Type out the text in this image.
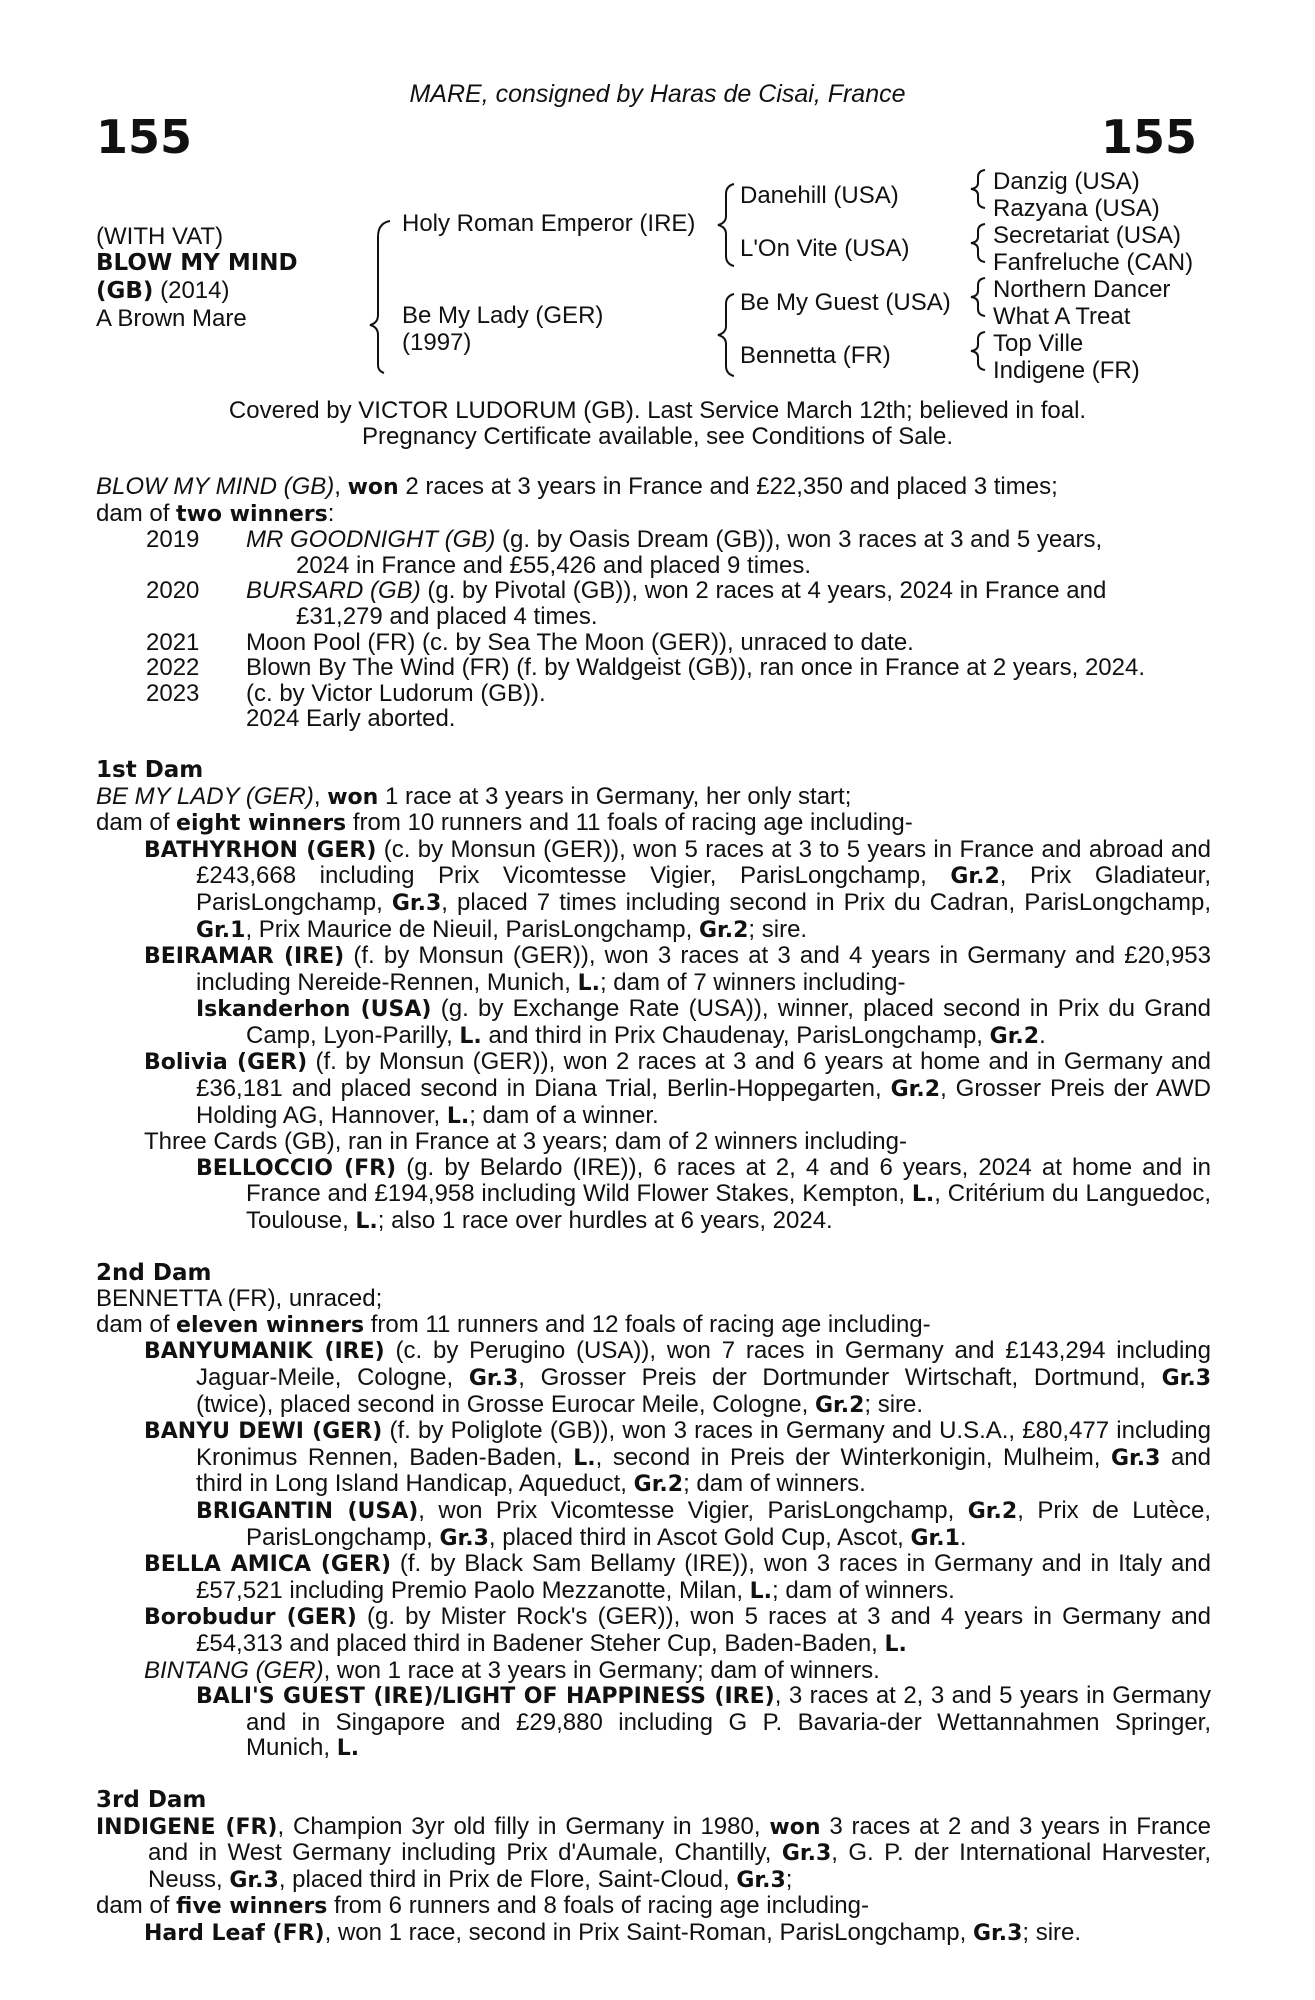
155	155
MARE, consigned by Haras de Cisai, France
(WITH VAT)
BLOW MY MIND
(GB) (2014)
A Brown Mare
Holy Roman Emperor (IRE)
Be My Lady (GER)
(1997)
Danehill (USA)
L'On Vite (USA)
Be My Guest (USA)
Bennetta (FR)
Danzig (USA)
Razyana (USA)
Secretariat (USA)
Fanfreluche (CAN)
Northern Dancer
What A Treat
Top Ville
Indigene (FR)
Covered by VICTOR LUDORUM (GB). Last Service March 12th; believed in foal.
Pregnancy Certificate available, see Conditions of Sale.

BLOW MY MIND (GB), won 2 races at 3 years in France and £22,350 and placed 3 times;

dam of two winners:

2019	MR GOODNIGHT (GB) (g. by Oasis Dream (GB)), won 3 races at 3 and 5 years,
2024 in France and £55,426 and placed 9 times.
2020	BURSARD (GB) (g. by Pivotal (GB)), won 2 races at 4 years, 2024 in France and
£31,279 and placed 4 times.
2021	Moon Pool (FR) (c. by Sea The Moon (GER)), unraced to date.
2022	Blown By The Wind (FR) (f. by Waldgeist (GB)), ran once in France at 2 years, 2024.
2023	(c. by Victor Ludorum (GB)).
2024 Early aborted.
1st Dam

BE MY LADY (GER), won 1 race at 3 years in Germany, her only start;

dam of eight winners from 10 runners and 11 foals of racing age including-

BATHYRHON (GER) (c. by Monsun (GER)), won 5 races at 3 to 5 years in France and abroad and £243,668 including Prix Vicomtesse Vigier, ParisLongchamp, Gr.2, Prix Gladiateur, ParisLongchamp, Gr.3, placed 7 times including second in Prix du Cadran, ParisLongchamp, Gr.1, Prix Maurice de Nieuil, ParisLongchamp, Gr.2; sire.

BEIRAMAR (IRE) (f. by Monsun (GER)), won 3 races at 3 and 4 years in Germany and £20,953 including Nereide-Rennen, Munich, L.; dam of 7 winners including-

Iskanderhon (USA) (g. by Exchange Rate (USA)), winner, placed second in Prix du Grand Camp, Lyon-Parilly, L. and third in Prix Chaudenay, ParisLongchamp, Gr.2.

Bolivia (GER) (f. by Monsun (GER)), won 2 races at 3 and 6 years at home and in Germany and £36,181 and placed second in Diana Trial, Berlin-Hoppegarten, Gr.2, Grosser Preis der AWD Holding AG, Hannover, L.; dam of a winner.

Three Cards (GB), ran in France at 3 years; dam of 2 winners including-

BELLOCCIO (FR) (g. by Belardo (IRE)), 6 races at 2, 4 and 6 years, 2024 at home and in France and £194,958 including Wild Flower Stakes, Kempton, L., Critérium du Languedoc, Toulouse, L.; also 1 race over hurdles at 6 years, 2024.

2nd Dam

BENNETTA (FR), unraced;

dam of eleven winners from 11 runners and 12 foals of racing age including-

BANYUMANIK (IRE) (c. by Perugino (USA)), won 7 races in Germany and £143,294 including Jaguar-Meile, Cologne, Gr.3, Grosser Preis der Dortmunder Wirtschaft, Dortmund, Gr.3 (twice), placed second in Grosse Eurocar Meile, Cologne, Gr.2; sire.

BANYU DEWI (GER) (f. by Poliglote (GB)), won 3 races in Germany and U.S.A., £80,477 including Kronimus Rennen, Baden-Baden, L., second in Preis der Winterkonigin, Mulheim, Gr.3 and third in Long Island Handicap, Aqueduct, Gr.2; dam of winners.

BRIGANTIN (USA), won Prix Vicomtesse Vigier, ParisLongchamp, Gr.2, Prix de Lutèce, ParisLongchamp, Gr.3, placed third in Ascot Gold Cup, Ascot, Gr.1.

BELLA AMICA (GER) (f. by Black Sam Bellamy (IRE)), won 3 races in Germany and in Italy and £57,521 including Premio Paolo Mezzanotte, Milan, L.; dam of winners.

Borobudur (GER) (g. by Mister Rock's (GER)), won 5 races at 3 and 4 years in Germany and £54,313 and placed third in Badener Steher Cup, Baden-Baden, L.

BINTANG (GER), won 1 race at 3 years in Germany; dam of winners.

BALI'S GUEST (IRE)/LIGHT OF HAPPINESS (IRE), 3 races at 2, 3 and 5 years in Germany and in Singapore and £29,880 including G P. Bavaria-der Wettannahmen Springer, Munich, L.

3rd Dam

INDIGENE (FR), Champion 3yr old filly in Germany in 1980, won 3 races at 2 and 3 years in France and in West Germany including Prix d'Aumale, Chantilly, Gr.3, G. P. der International Harvester, Neuss, Gr.3, placed third in Prix de Flore, Saint-Cloud, Gr.3;

dam of five winners from 6 runners and 8 foals of racing age including-

Hard Leaf (FR), won 1 race, second in Prix Saint-Roman, ParisLongchamp, Gr.3; sire.
